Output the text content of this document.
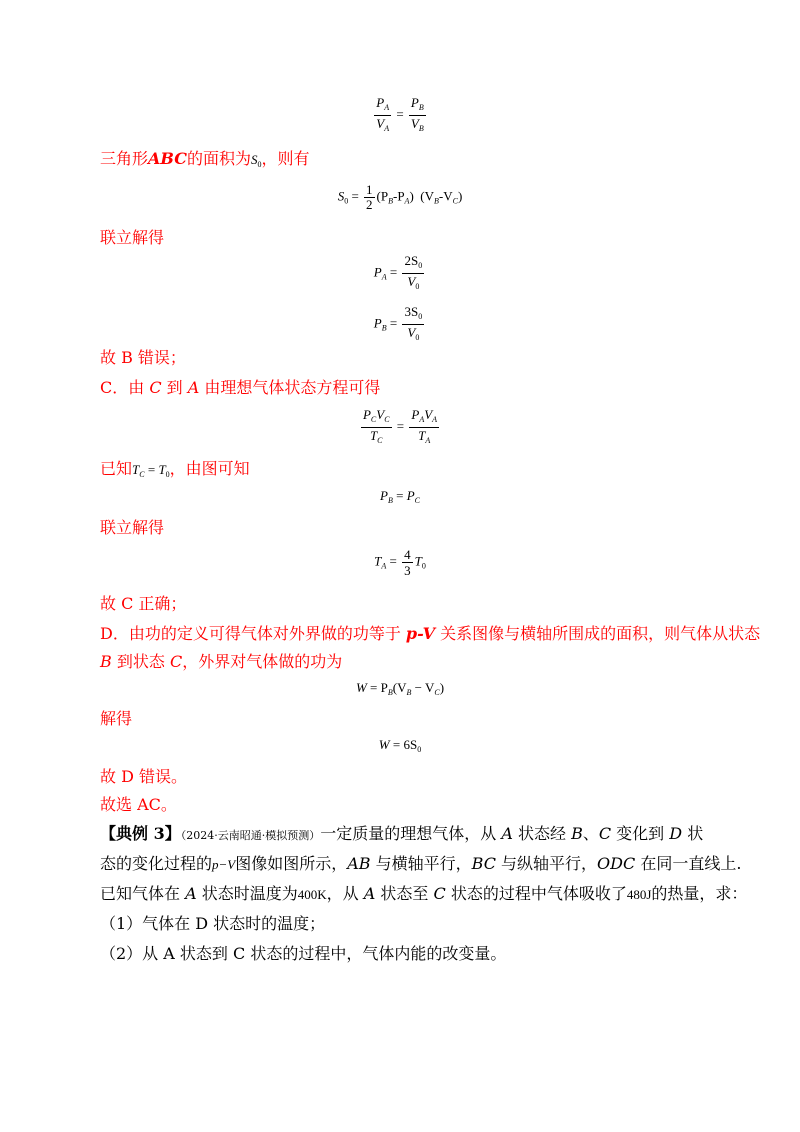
$\frac{P_A}{V_A} = \frac{P_B}{V_B}$
三角形ABC的面积为$S_0$，则有
$S_0 = \frac{1}{2} (P_B-P_A)$ $(V_B-V_C)$
联立解得
$P_A = \frac{2S_0}{V_0}$
$P_B = \frac{3S_0}{V_0}$
故 B 错误；
C．由 C 到 A 由理想气体状态方程可得
$\frac{P_CV_C}{T_C} = \frac{P_AV_A}{T_A}$
已知$T_C = T_0$，由图可知
$P_B = P_C$
联立解得
$T_A = \frac{4}{3} T_0$
故 C 正确；
D．由功的定义可得气体对外界做的功等于 p-V 关系图像与横轴所围成的面积，则气体从状态
B 到状态 C，外界对气体做的功为
$W = P_B(V_B - V_C)$
解得
$W = 6S_0$
故 D 错误。
故选 AC。
【典例 3】（2024·云南昭通·模拟预测）一定质量的理想气体，从 A 状态经 B、C 变化到 D 状
态的变化过程的p−V图像如图所示，AB 与横轴平行，BC 与纵轴平行，ODC 在同一直线上.
已知气体在 A 状态时温度为400K，从 A 状态至 C 状态的过程中气体吸收了480J的热量，求：
（1）气体在 D 状态时的温度；
（2）从 A 状态到 C 状态的过程中，气体内能的改变量。
